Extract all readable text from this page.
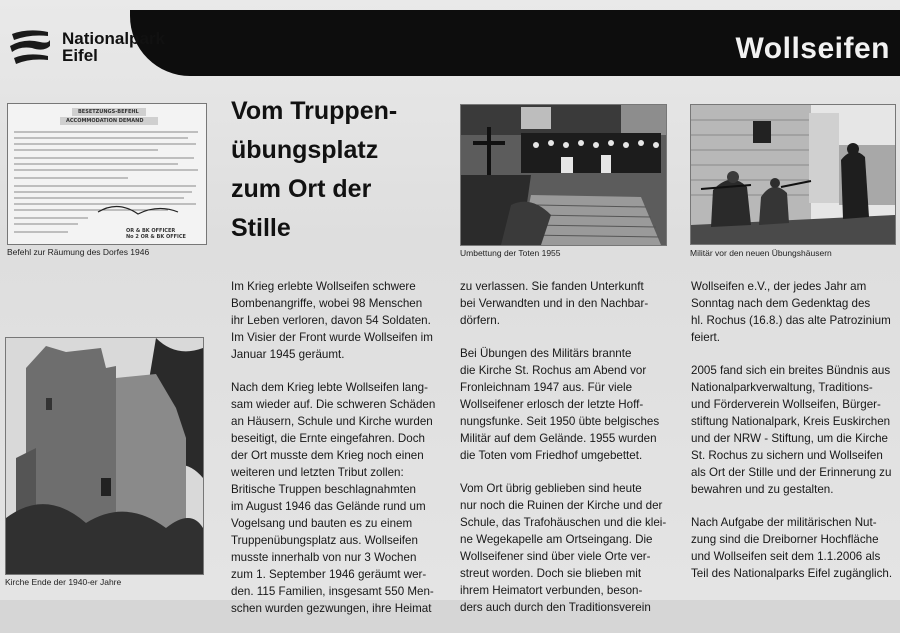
Nationalpark
Eifel	Wollseifen
BESETZUNGS-BEFEHL
ACCOMMODATION DEMAND
OR & BK OFFICER
No 2 OR & BK OFFICE
Befehl zur Räumung des Dorfes 1946
Kirche Ende der 1940-er Jahre
Vom Truppen-
übungsplatz
zum Ort der
Stille
Umbettung der Toten 1955	Militär vor den neuen Übungshäusern

Im Krieg erlebte Wollseifen schwere
Bombenangriffe, wobei 98 Menschen
ihr Leben verloren, davon 54 Soldaten.
Im Visier der Front wurde Wollseifen im
Januar 1945 geräumt.

Nach dem Krieg lebte Wollseifen lang-
sam wieder auf. Die schweren Schäden
an Häusern, Schule und Kirche wurden
beseitigt, die Ernte eingefahren. Doch
der Ort musste dem Krieg noch einen
weiteren und letzten Tribut zollen:
Britische Truppen beschlagnahmten
im August 1946 das Gelände rund um
Vogelsang und bauten es zu einem
Truppenübungsplatz aus. Wollseifen
musste innerhalb von nur 3 Wochen
zum 1. September 1946 geräumt wer-
den. 115 Familien, insgesamt 550 Men-
schen wurden gezwungen, ihre Heimat

zu verlassen. Sie fanden Unterkunft
bei Verwandten und in den Nachbar-
dörfern.

Bei Übungen des Militärs brannte
die Kirche St. Rochus am Abend vor
Fronleichnam 1947 aus. Für viele
Wollseifener erlosch der letzte Hoff-
nungsfunke. Seit 1950 übte belgisches
Militär auf dem Gelände. 1955 wurden
die Toten vom Friedhof umgebettet.

Vom Ort übrig geblieben sind heute
nur noch die Ruinen der Kirche und der
Schule, das Trafohäuschen und die klei-
ne Wegekapelle am Ortseingang. Die
Wollseifener sind über viele Orte ver-
streut worden. Doch sie blieben mit
ihrem Heimatort verbunden, beson-
ders auch durch den Traditionsverein

Wollseifen e.V., der jedes Jahr am
Sonntag nach dem Gedenktag des
hl. Rochus (16.8.) das alte Patrozinium
feiert.

2005 fand sich ein breites Bündnis aus
Nationalparkverwaltung, Traditions-
und Förderverein Wollseifen, Bürger-
stiftung Nationalpark, Kreis Euskirchen
und der NRW - Stiftung, um die Kirche
St. Rochus zu sichern und Wollseifen
als Ort der Stille und der Erinnerung zu
bewahren und zu gestalten.

Nach Aufgabe der militärischen Nut-
zung sind die Dreiborner Hochfläche
und Wollseifen seit dem 1.1.2006 als
Teil des Nationalparks Eifel zugänglich.
